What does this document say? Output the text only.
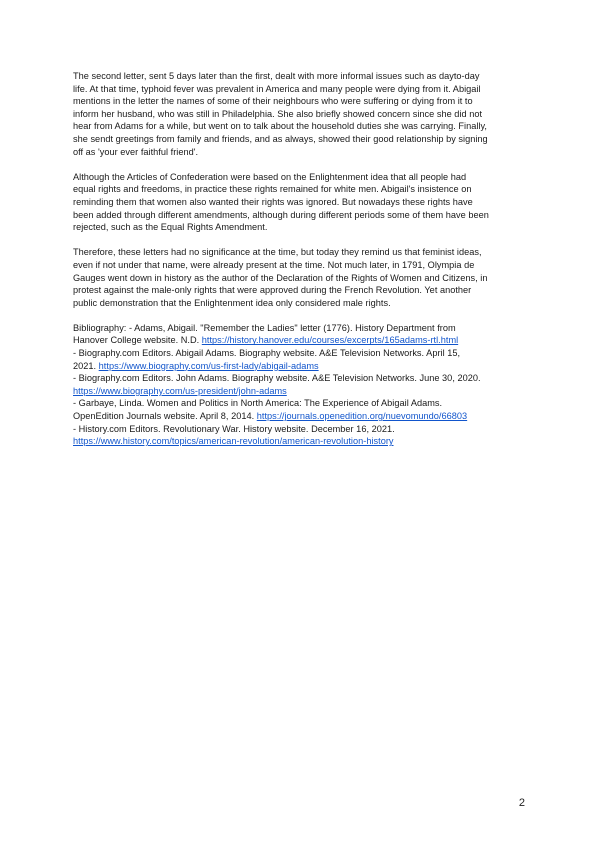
The second letter, sent 5 days later than the first, dealt with more informal issues such as dayto-day
life. At that time, typhoid fever was prevalent in America and many people were dying from it. Abigail
mentions in the letter the names of some of their neighbours who were suffering or dying from it to
inform her husband, who was still in Philadelphia. She also briefly showed concern since she did not
hear from Adams for a while, but went on to talk about the household duties she was carrying. Finally,
she sendt greetings from family and friends, and as always, showed their good relationship by signing
off as 'your ever faithful friend'.

Although the Articles of Confederation were based on the Enlightenment idea that all people had
equal rights and freedoms, in practice these rights remained for white men. Abigail's insistence on
reminding them that women also wanted their rights was ignored. But nowadays these rights have
been added through different amendments, although during different periods some of them have been
rejected, such as the Equal Rights Amendment.

Therefore, these letters had no significance at the time, but today they remind us that feminist ideas,
even if not under that name, were already present at the time. Not much later, in 1791, Olympia de
Gauges went down in history as the author of the Declaration of the Rights of Women and Citizens, in
protest against the male-only rights that were approved during the French Revolution. Yet another
public demonstration that the Enlightenment idea only considered male rights.

Bibliography: - Adams, Abigail. "Remember the Ladies" letter (1776). History Department from
Hanover College website. N.D. https://history.hanover.edu/courses/excerpts/165adams-rtl.html
- Biography.com Editors. Abigail Adams. Biography website. A&E Television Networks. April 15,
2021. https://www.biography.com/us-first-lady/abigail-adams
- Biography.com Editors. John Adams. Biography website. A&E Television Networks. June 30, 2020.
https://www.biography.com/us-president/john-adams
- Garbaye, Linda. Women and Politics in North America: The Experience of Abigail Adams.
OpenEdition Journals website. April 8, 2014. https://journals.openedition.org/nuevomundo/66803
- History.com Editors. Revolutionary War. History website. December 16, 2021.
https://www.history.com/topics/american-revolution/american-revolution-history

2
